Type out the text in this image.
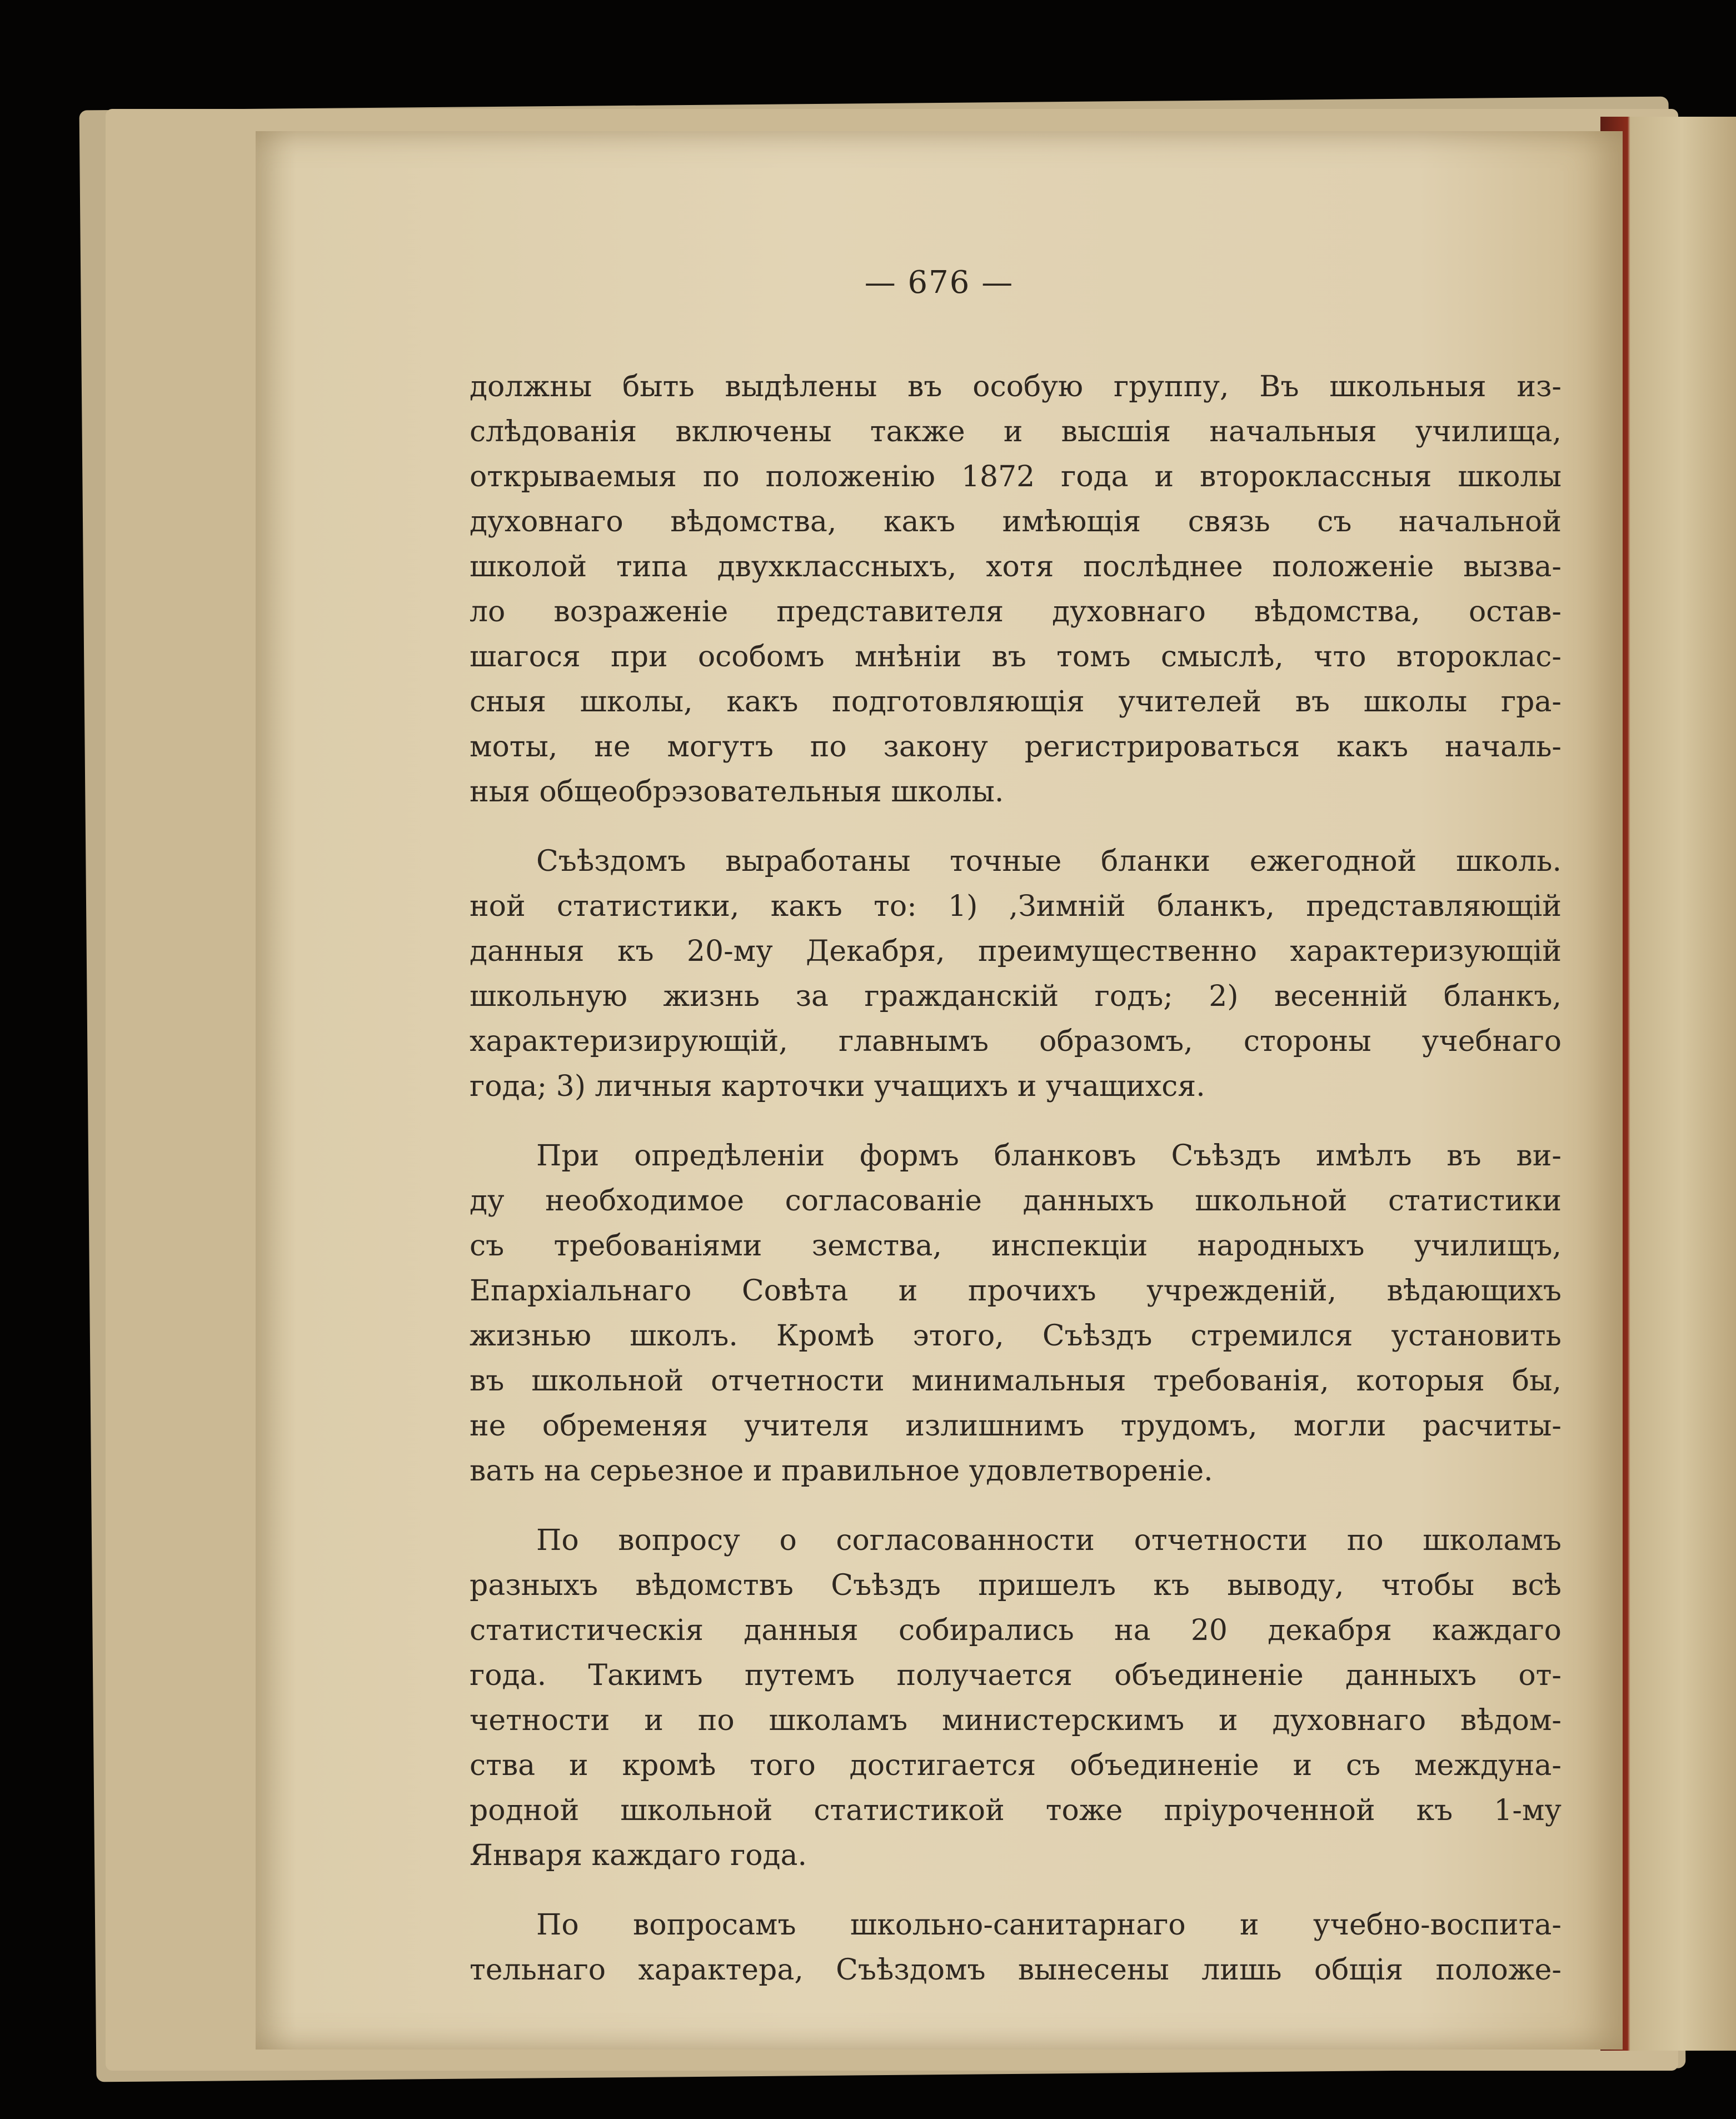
— 676 —
должны быть выдѣлены въ особую группу, Въ школьныя из-
слѣдованія включены также и высшія начальныя училища,
открываемыя по положенію 1872 года и второклассныя школы
духовнаго вѣдомства, какъ имѣющія связь съ начальной
школой типа двухклассныхъ, хотя послѣднее положеніе вызва-
ло возраженіе представителя духовнаго вѣдомства, остав-
шагося при особомъ мнѣніи въ томъ смыслѣ, что второклас-
сныя школы, какъ подготовляющія учителей въ школы гра-
моты, не могутъ по закону регистрироваться какъ началь-
ныя общеобрэзовательныя школы.
Съѣздомъ выработаны точные бланки ежегодной школь.
ной статистики, какъ то: 1) ,Зимній бланкъ, представляющій
данныя къ 20-му Декабря, преимущественно характеризующій
школьную жизнь за гражданскій годъ; 2) весенній бланкъ,
характеризирующій, главнымъ образомъ, стороны учебнаго
года; 3) личныя карточки учащихъ и учащихся.
При опредѣленіи формъ бланковъ Съѣздъ имѣлъ въ ви-
ду необходимое согласованіе данныхъ школьной статистики
съ требованіями земства, инспекціи народныхъ училищъ,
Епархіальнаго Совѣта и прочихъ учрежденій, вѣдающихъ
жизнью школъ. Кромѣ этого, Съѣздъ стремился установить
въ школьной отчетности минимальныя требованія, которыя бы,
не обременяя учителя излишнимъ трудомъ, могли расчиты-
вать на серьезное и правильное удовлетвореніе.
По вопросу о согласованности отчетности по школамъ
разныхъ вѣдомствъ Съѣздъ пришелъ къ выводу, чтобы всѣ
статистическія данныя собирались на 20 декабря каждаго
года. Такимъ путемъ получается объединеніе данныхъ от-
четности и по школамъ министерскимъ и духовнаго вѣдом-
ства и кромѣ того достигается объединеніе и съ междуна-
родной школьной статистикой тоже пріуроченной къ 1-му
Января каждаго года.
По вопросамъ школьно-санитарнаго и учебно-воспита-
тельнаго характера, Съѣздомъ вынесены лишь общія положе-
